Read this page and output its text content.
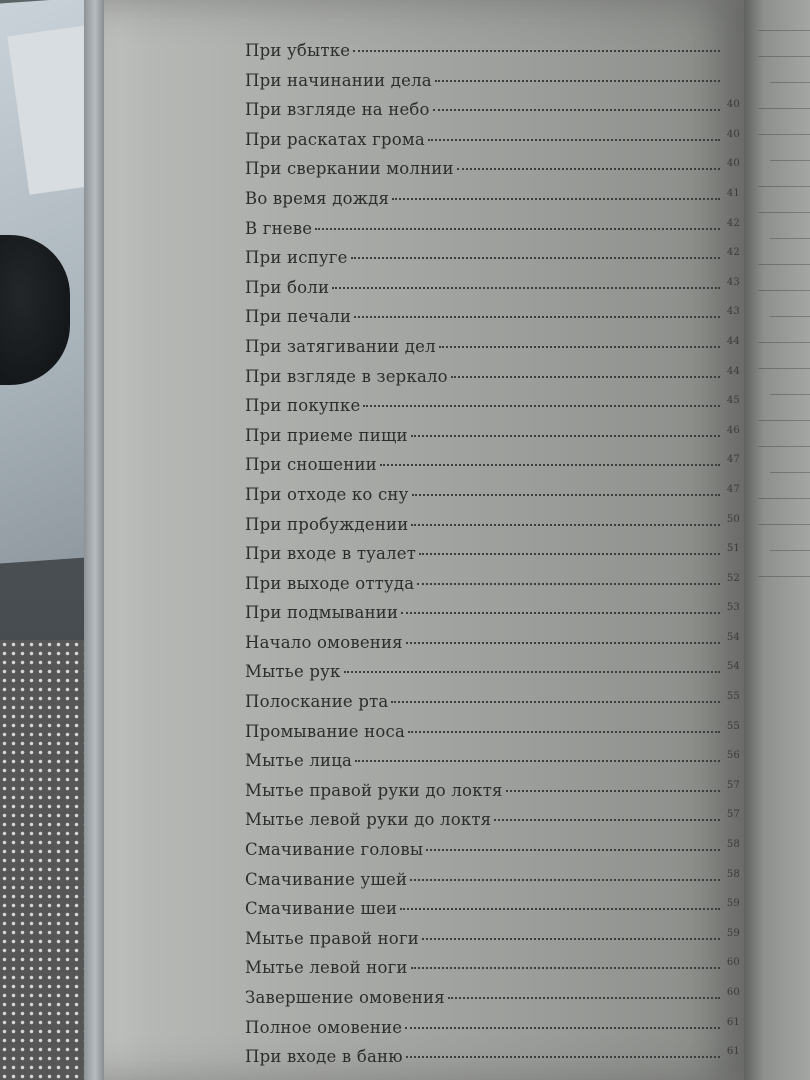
При убытке
При начинании дела
При взгляде на небо	40
При раскатах грома	40
При сверкании молнии	40
Во время дождя	41
В гневе	42
При испуге	42
При боли	43
При печали	43
При затягивании дел	44
При взгляде в зеркало	44
При покупке	45
При приеме пищи	46
При сношении	47
При отходе ко сну	47
При пробуждении	50
При входе в туалет	51
При выходе оттуда	52
При подмывании	53
Начало омовения	54
Мытье рук	54
Полоскание рта	55
Промывание носа	55
Мытье лица	56
Мытье правой руки до локтя	57
Мытье левой руки до локтя	57
Смачивание головы	58
Смачивание ушей	58
Смачивание шеи	59
Мытье правой ноги	59
Мытье левой ноги	60
Завершение омовения	60
Полное омовение	61
При входе в баню	61
